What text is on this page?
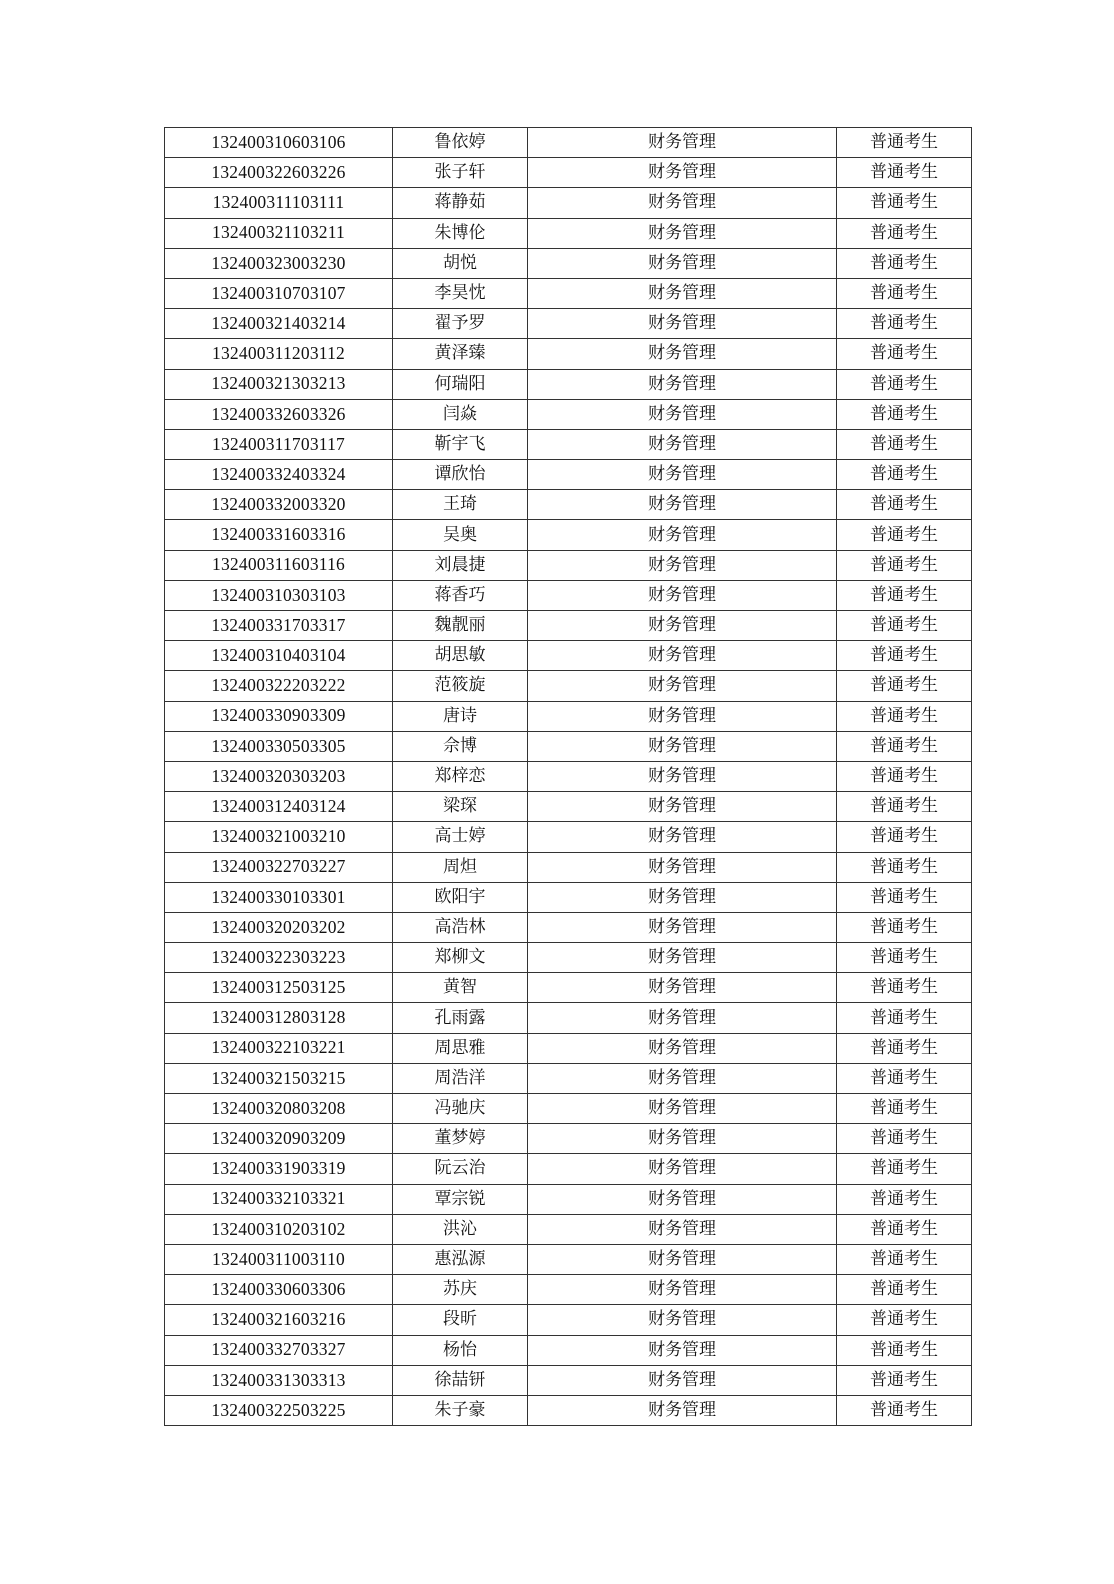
132400310603106	鲁依婷	财务管理	普通考生
132400322603226	张子轩	财务管理	普通考生
132400311103111	蒋静茹	财务管理	普通考生
132400321103211	朱博伦	财务管理	普通考生
132400323003230	胡悦	财务管理	普通考生
132400310703107	李昊忱	财务管理	普通考生
132400321403214	翟予罗	财务管理	普通考生
132400311203112	黄泽臻	财务管理	普通考生
132400321303213	何瑞阳	财务管理	普通考生
132400332603326	闫焱	财务管理	普通考生
132400311703117	靳宇飞	财务管理	普通考生
132400332403324	谭欣怡	财务管理	普通考生
132400332003320	王琦	财务管理	普通考生
132400331603316	吴奥	财务管理	普通考生
132400311603116	刘晨捷	财务管理	普通考生
132400310303103	蒋香巧	财务管理	普通考生
132400331703317	魏靓丽	财务管理	普通考生
132400310403104	胡思敏	财务管理	普通考生
132400322203222	范筱旋	财务管理	普通考生
132400330903309	唐诗	财务管理	普通考生
132400330503305	佘博	财务管理	普通考生
132400320303203	郑梓恋	财务管理	普通考生
132400312403124	梁琛	财务管理	普通考生
132400321003210	高士婷	财务管理	普通考生
132400322703227	周炟	财务管理	普通考生
132400330103301	欧阳宇	财务管理	普通考生
132400320203202	高浩林	财务管理	普通考生
132400322303223	郑柳文	财务管理	普通考生
132400312503125	黄智	财务管理	普通考生
132400312803128	孔雨露	财务管理	普通考生
132400322103221	周思雅	财务管理	普通考生
132400321503215	周浩洋	财务管理	普通考生
132400320803208	冯驰庆	财务管理	普通考生
132400320903209	董梦婷	财务管理	普通考生
132400331903319	阮云治	财务管理	普通考生
132400332103321	覃宗锐	财务管理	普通考生
132400310203102	洪沁	财务管理	普通考生
132400311003110	惠泓源	财务管理	普通考生
132400330603306	苏庆	财务管理	普通考生
132400321603216	段昕	财务管理	普通考生
132400332703327	杨怡	财务管理	普通考生
132400331303313	徐喆钘	财务管理	普通考生
132400322503225	朱子豪	财务管理	普通考生
